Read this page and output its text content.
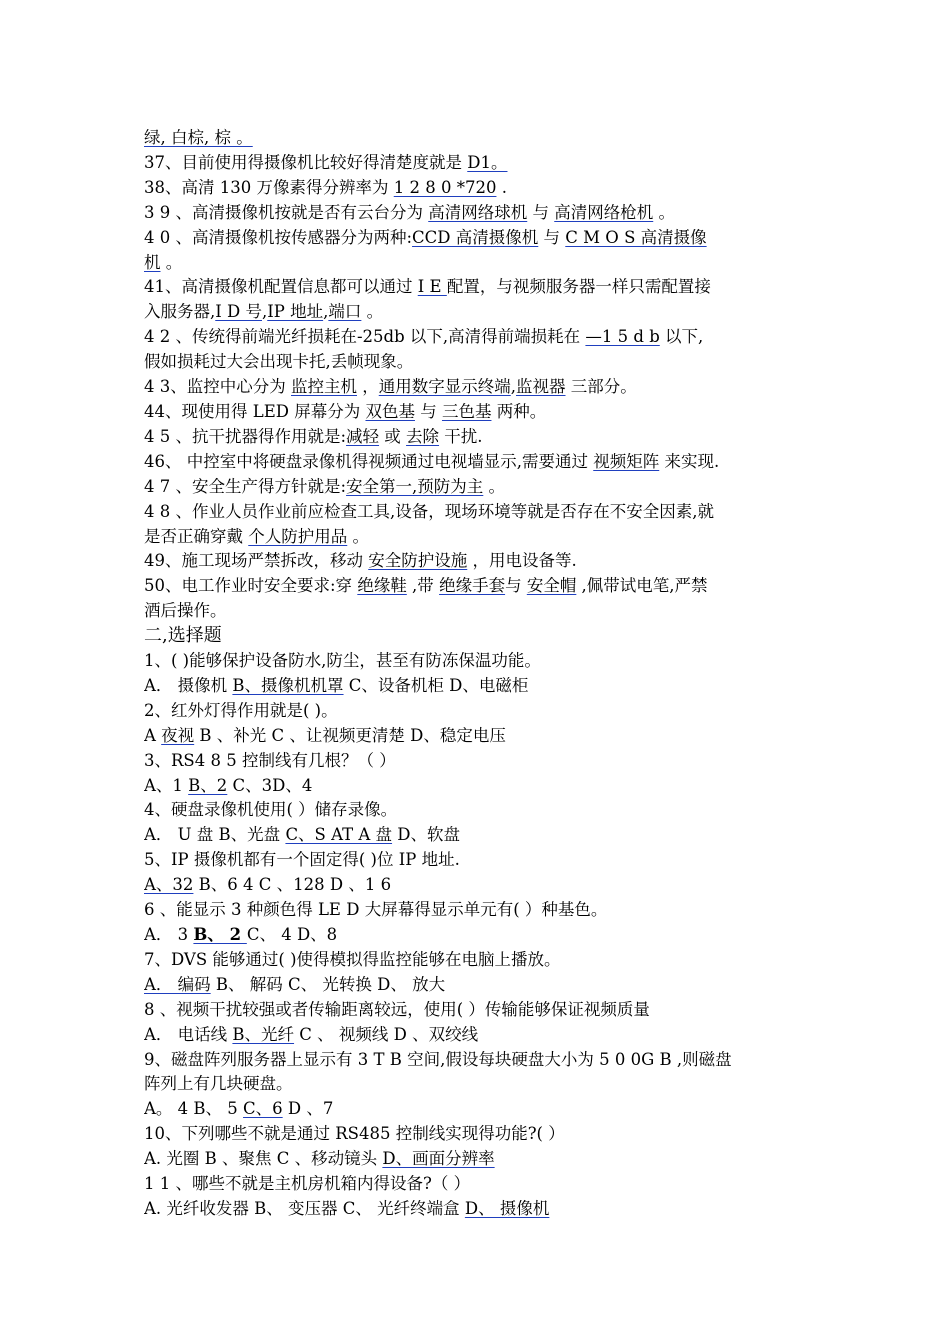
绿, 白棕, 棕 。
37、目前使用得摄像机比较好得清楚度就是 D1。
38、高清 130 万像素得分辨率为 1 2 8 0 *720 .
3 9 、高清摄像机按就是否有云台分为 高清网络球机 与 高清网络枪机 。
4 0 、高清摄像机按传感器分为两种:CCD 高清摄像机 与 C M O S 高清摄像
机 。
41、高清摄像机配置信息都可以通过 I E 配置，与视频服务器一样只需配置接
入服务器,I D 号,IP 地址,端口 。
4 2 、传统得前端光纤损耗在-25db 以下,高清得前端损耗在 —1 5 d b 以下,
假如损耗过大会出现卡托,丢帧现象。
4 3、监控中心分为 监控主机 ，通用数字显示终端,监视器 三部分。
44、现使用得 LED 屏幕分为 双色基 与 三色基 两种。
4 5 、抗干扰器得作用就是:减轻 或 去除 干扰.
46、 中控室中将硬盘录像机得视频通过电视墙显示,需要通过 视频矩阵 来实现.
4 7 、安全生产得方针就是:安全第一,预防为主 。
4 8 、作业人员作业前应检查工具,设备，现场环境等就是否存在不安全因素,就
是否正确穿戴 个人防护用品 。
49、施工现场严禁拆改，移动 安全防护设施 ，用电设备等.
50、电工作业时安全要求:穿 绝缘鞋 ,带 绝缘手套与 安全帽 ,佩带试电笔,严禁
酒后操作。
二,选择题
1、( )能够保护设备防水,防尘，甚至有防冻保温功能。
A． 摄像机 B、摄像机机罩 C、设备机柜 D、电磁柜
2、红外灯得作用就是( )。
A 夜视 B 、补光 C 、让视频更清楚 D、稳定电压
3、RS4 8 5 控制线有几根？（ ）
A、1 B、2 C、3D、4
4、硬盘录像机使用( ）储存录像。
A． U 盘 B、光盘 C、S AT A 盘 D、软盘
5、IP 摄像机都有一个固定得( )位 IP 地址.
A、32 B、6 4 C 、128 D 、1 6
6 、能显示 3 种颜色得 LE D 大屏幕得显示单元有( ）种基色。
A． 3 B、 2 C、 4 D、8
7、DVS 能够通过( )使得模拟得监控能够在电脑上播放。
A． 编码 B、 解码 C、 光转换 D、 放大
8 、视频干扰较强或者传输距离较远，使用( ）传输能够保证视频质量
A． 电话线 B、光纤 C 、 视频线 D 、双绞线
9、磁盘阵列服务器上显示有 3 T B 空间,假设每块硬盘大小为 5 0 0G B ,则磁盘
阵列上有几块硬盘。
A。 4 B、 5 C、6 D 、7
10、下列哪些不就是通过 RS485 控制线实现得功能?( ）
A. 光圈 B 、聚焦 C 、移动镜头 D、画面分辨率
1 1 、哪些不就是主机房机箱内得设备?（ ）
A. 光纤收发器 B、 变压器 C、 光纤终端盒 D、 摄像机
